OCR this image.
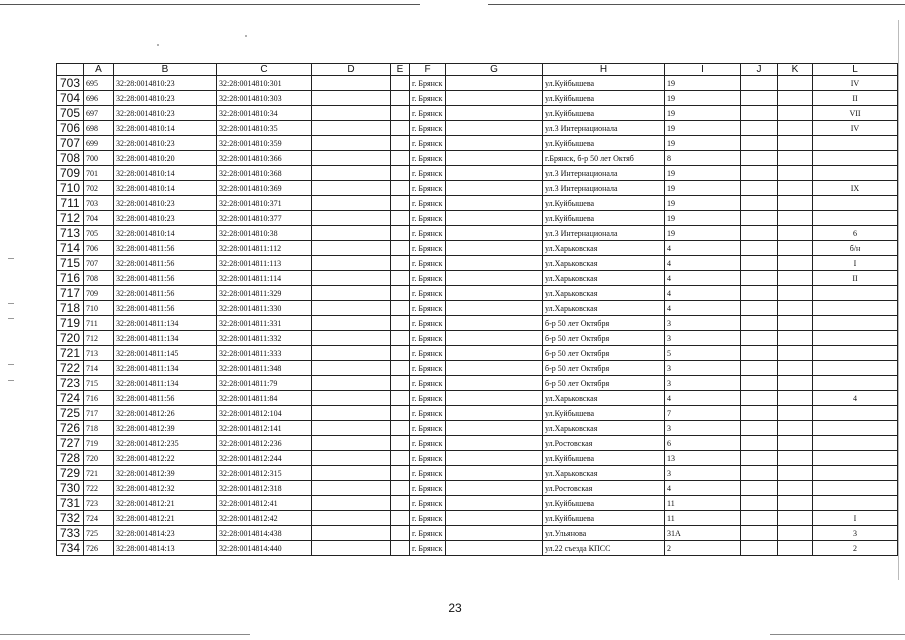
	A	B	C	D	E	F	G	H	I	J	K	L
703	695	32:28:0014810:23	32:28:0014810:301			г. Брянск		ул.Куйбышева	19			IV
704	696	32:28:0014810:23	32:28:0014810:303			г. Брянск		ул.Куйбышева	19			II
705	697	32:28:0014810:23	32:28:0014810:34			г. Брянск		ул.Куйбышева	19			VII
706	698	32:28:0014810:14	32:28:0014810:35			г. Брянск		ул.3 Интернационала	19			IV
707	699	32:28:0014810:23	32:28:0014810:359			г. Брянск		ул.Куйбышева	19			
708	700	32:28:0014810:20	32:28:0014810:366			г. Брянск		г.Брянск, б-р 50 лет Октяб	8			
709	701	32:28:0014810:14	32:28:0014810:368			г. Брянск		ул.3 Интернационала	19			
710	702	32:28:0014810:14	32:28:0014810:369			г. Брянск		ул.3 Интернационала	19			IX
711	703	32:28:0014810:23	32:28:0014810:371			г. Брянск		ул.Куйбышева	19			
712	704	32:28:0014810:23	32:28:0014810:377			г. Брянск		ул.Куйбышева	19			
713	705	32:28:0014810:14	32:28:0014810:38			г. Брянск		ул.3 Интернационала	19			6
714	706	32:28:0014811:56	32:28:0014811:112			г. Брянск		ул.Харьковская	4			б/н
715	707	32:28:0014811:56	32:28:0014811:113			г. Брянск		ул.Харьковская	4			I
716	708	32:28:0014811:56	32:28:0014811:114			г. Брянск		ул.Харьковская	4			II
717	709	32:28:0014811:56	32:28:0014811:329			г. Брянск		ул.Харьковская	4			
718	710	32:28:0014811:56	32:28:0014811:330			г. Брянск		ул.Харьковская	4			
719	711	32:28:0014811:134	32:28:0014811:331			г. Брянск		б-р 50 лет Октября	3			
720	712	32:28:0014811:134	32:28:0014811:332			г. Брянск		б-р 50 лет Октября	3			
721	713	32:28:0014811:145	32:28:0014811:333			г. Брянск		б-р 50 лет Октября	5			
722	714	32:28:0014811:134	32:28:0014811:348			г. Брянск		б-р 50 лет Октября	3			
723	715	32:28:0014811:134	32:28:0014811:79			г. Брянск		б-р 50 лет Октября	3			
724	716	32:28:0014811:56	32:28:0014811:84			г. Брянск		ул.Харьковская	4			4
725	717	32:28:0014812:26	32:28:0014812:104			г. Брянск		ул.Куйбышева	7			
726	718	32:28:0014812:39	32:28:0014812:141			г. Брянск		ул.Харьковская	3			
727	719	32:28:0014812:235	32:28:0014812:236			г. Брянск		ул.Ростовская	6			
728	720	32:28:0014812:22	32:28:0014812:244			г. Брянск		ул.Куйбышева	13			
729	721	32:28:0014812:39	32:28:0014812:315			г. Брянск		ул.Харьковская	3			
730	722	32:28:0014812:32	32:28:0014812:318			г. Брянск		ул.Ростовская	4			
731	723	32:28:0014812:21	32:28:0014812:41			г. Брянск		ул.Куйбышева	11			
732	724	32:28:0014812:21	32:28:0014812:42			г. Брянск		ул.Куйбышева	11			I
733	725	32:28:0014814:23	32:28:0014814:438			г. Брянск		ул.Ульянова	31А			3
734	726	32:28:0014814:13	32:28:0014814:440			г. Брянск		ул.22 съезда КПСС	2			2
23
